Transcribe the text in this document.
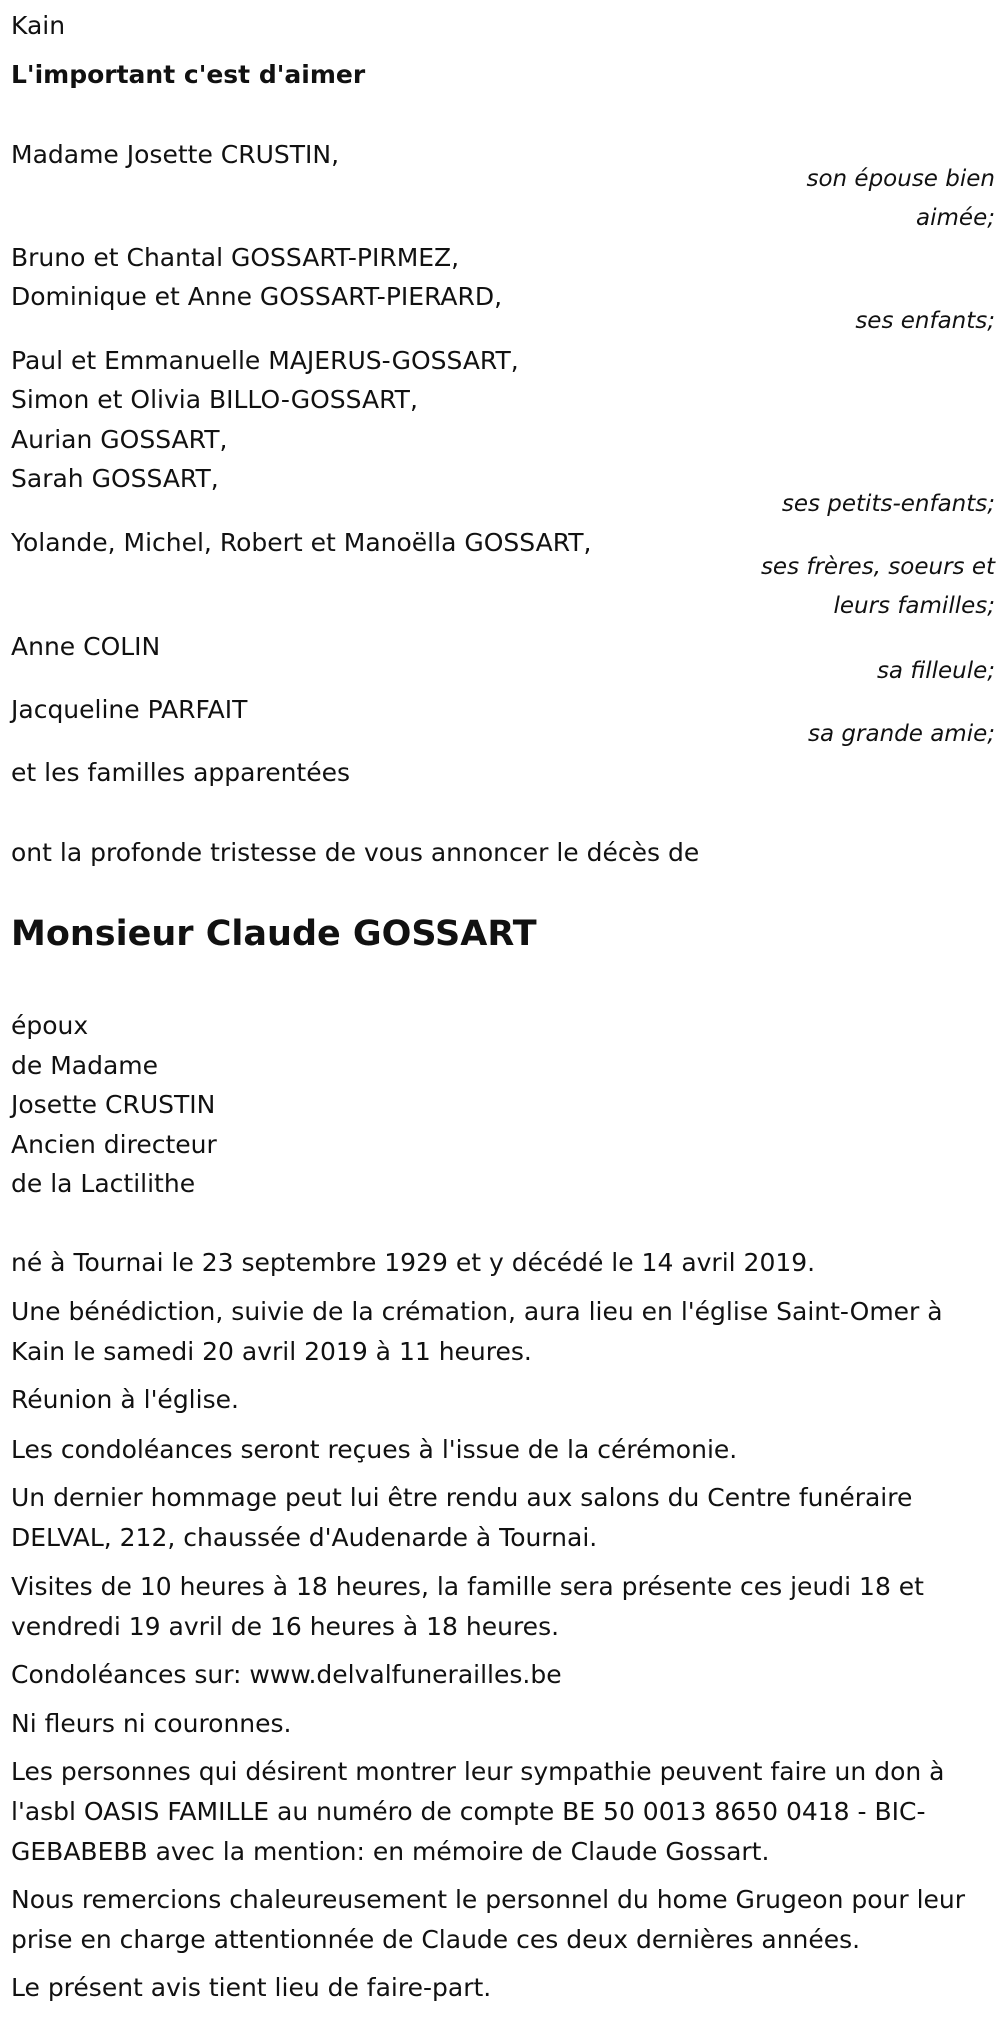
Kain
L'important c'est d'aimer
Madame Josette CRUSTIN,
son épouse bien
aimée;
Bruno et Chantal GOSSART-PIRMEZ,
Dominique et Anne GOSSART-PIERARD,
ses enfants;
Paul et Emmanuelle MAJERUS-GOSSART,
Simon et Olivia BILLO-GOSSART,
Aurian GOSSART,
Sarah GOSSART,
ses petits-enfants;
Yolande, Michel, Robert et Manoëlla GOSSART,
ses frères, soeurs et
leurs familles;
Anne COLIN
sa filleule;
Jacqueline PARFAIT
sa grande amie;
et les familles apparentées
ont la profonde tristesse de vous annoncer le décès de
Monsieur Claude GOSSART
époux
de Madame
Josette CRUSTIN
Ancien directeur
de la Lactilithe
né à Tournai le 23 septembre 1929 et y décédé le 14 avril 2019.
Une bénédiction, suivie de la crémation, aura lieu en l'église Saint-Omer à Kain le samedi 20 avril 2019 à 11 heures.
Réunion à l'église.
Les condoléances seront reçues à l'issue de la cérémonie.
Un dernier hommage peut lui être rendu aux salons du Centre funéraire DELVAL, 212, chaussée d'Audenarde à Tournai.
Visites de 10 heures à 18 heures, la famille sera présente ces jeudi 18 et vendredi 19 avril de 16 heures à 18 heures.
Condoléances sur: www.delvalfunerailles.be
Ni fleurs ni couronnes.
Les personnes qui désirent montrer leur sympathie peuvent faire un don à l'asbl OASIS FAMILLE au numéro de compte BE 50 0013 8650 0418 - BIC- GEBABEBB avec la mention: en mémoire de Claude Gossart.
Nous remercions chaleureusement le personnel du home Grugeon pour leur prise en charge attentionnée de Claude ces deux dernières années.
Le présent avis tient lieu de faire-part.
